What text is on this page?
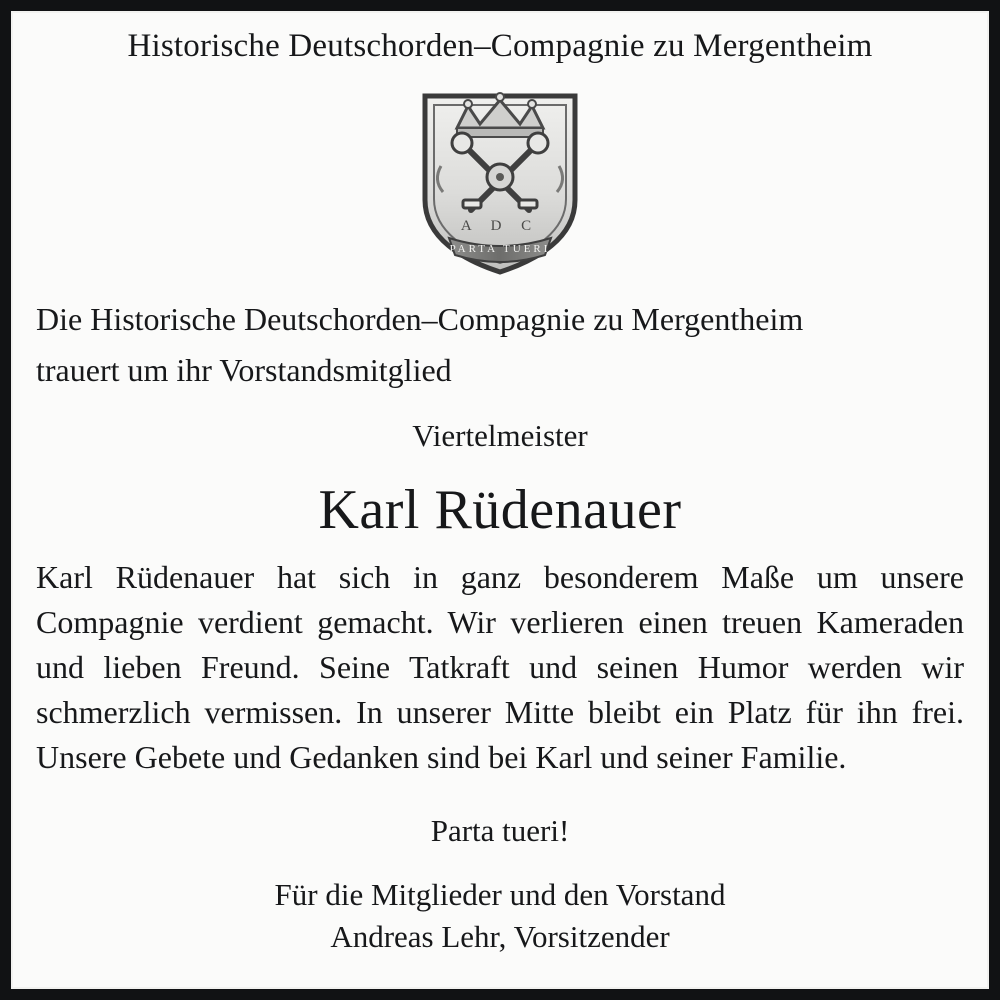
Historische Deutschorden–Compagnie zu Mergentheim
A D C
PARTA TUERI
Die Historische Deutschorden–Compagnie zu Mergentheim
trauert um ihr Vorstandsmitglied
Viertelmeister
Karl Rüdenauer
Karl Rüdenauer hat sich in ganz besonderem Maße um unsere Compagnie verdient gemacht. Wir verlieren einen treuen Kameraden und lieben Freund. Seine Tatkraft und seinen Humor werden wir schmerzlich vermissen. In unserer Mitte bleibt ein Platz für ihn frei. Unsere Gebete und Gedanken sind bei Karl und seiner Familie.
Parta tueri!
Für die Mitglieder und den Vorstand
Andreas Lehr, Vorsitzender
